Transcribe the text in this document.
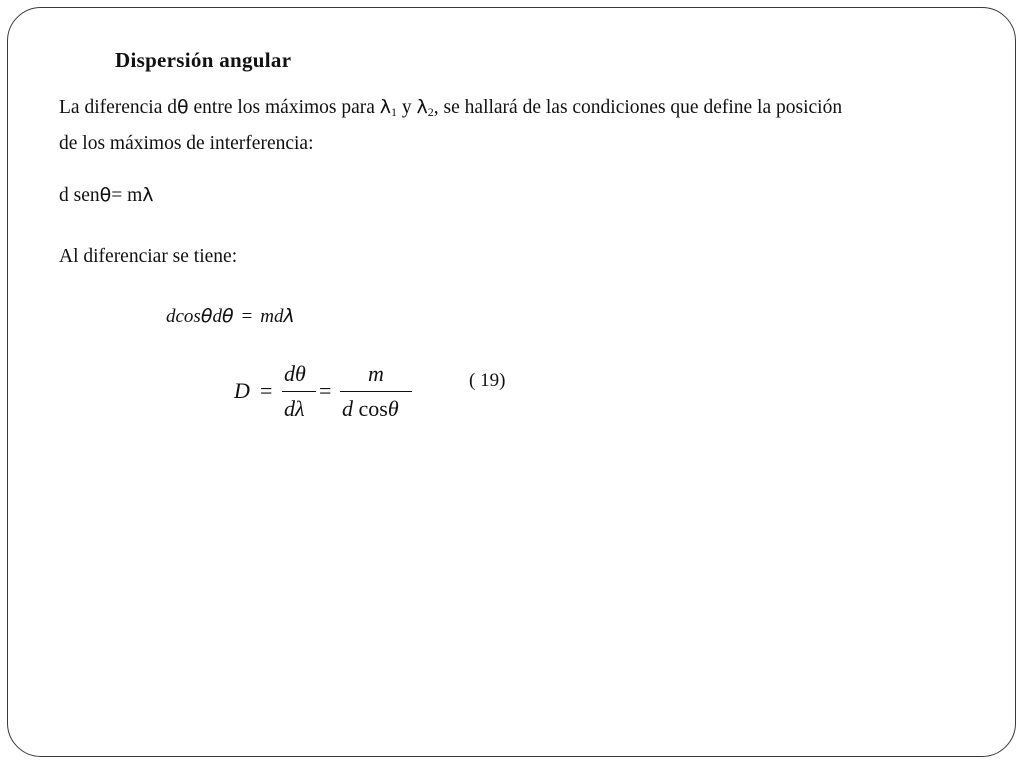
Dispersión angular
La diferencia dθ entre los máximos para $\lambda_1$ y $\lambda_2$, se hallará de las condiciones que define la posición
de los máximos de interferencia:
d senθ= mλ
Al diferenciar se tiene:
dcosθdθ = mdλ
D =
dθ
dλ
=
m
d cosθ
( 19)
